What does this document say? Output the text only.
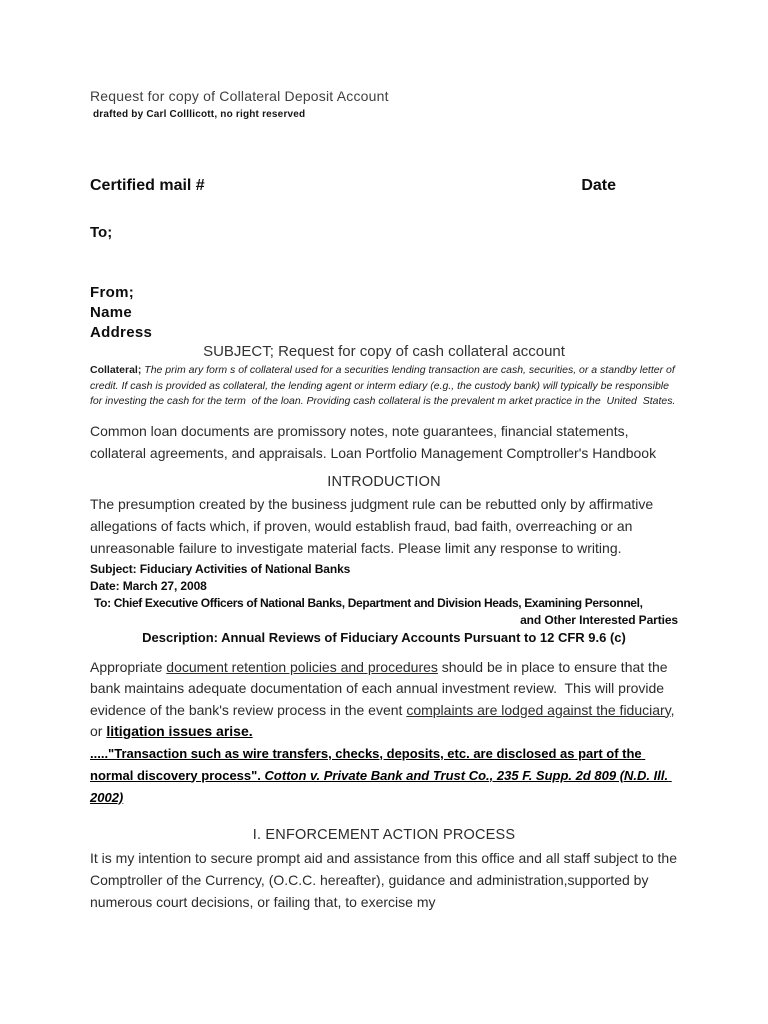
Request for copy of Collateral Deposit Account
drafted by Carl Colllicott, no right reserved
Certified mail #	Date
To;
From;
Name
Address
SUBJECT; Request for copy of cash collateral account

Collateral; The prim ary form s of collateral used for a securities lending transaction are cash, securities, or a standby letter of credit. If cash is provided as collateral, the lending agent or interm ediary (e.g., the custody bank) will typically be responsible for investing the cash for the term  of the loan. Providing cash collateral is the prevalent m arket practice in the  United  States.

Common loan documents are promissory notes, note guarantees, financial statements, collateral agreements, and appraisals. Loan Portfolio Management Comptroller's Handbook

INTRODUCTION

The presumption created by the business judgment rule can be rebutted only by affirmative allegations of facts which, if proven, would establish fraud, bad faith, overreaching or an unreasonable failure to investigate material facts. Please limit any response to writing.

Subject: Fiduciary Activities of National Banks
Date: March 27, 2008
To: Chief Executive Officers of National Banks, Department and Division Heads, Examining Personnel,
and Other Interested Parties
Description: Annual Reviews of Fiduciary Accounts Pursuant to 12 CFR 9.6 (c)

Appropriate document retention policies and procedures should be in place to ensure that the bank maintains adequate documentation of each annual investment review.  This will provide evidence of the bank's review process in the event complaints are lodged against the fiduciary, or litigation issues arise.

....."Transaction such as wire transfers, checks, deposits, etc. are disclosed as part of the normal discovery process". Cotton v. Private Bank and Trust Co., 235 F. Supp. 2d 809 (N.D. Ill. 2002)

I. ENFORCEMENT ACTION PROCESS

It is my intention to secure prompt aid and assistance from this office and all staff subject to the Comptroller of the Currency, (O.C.C. hereafter), guidance and administration,supported by numerous court decisions, or failing that, to exercise my
